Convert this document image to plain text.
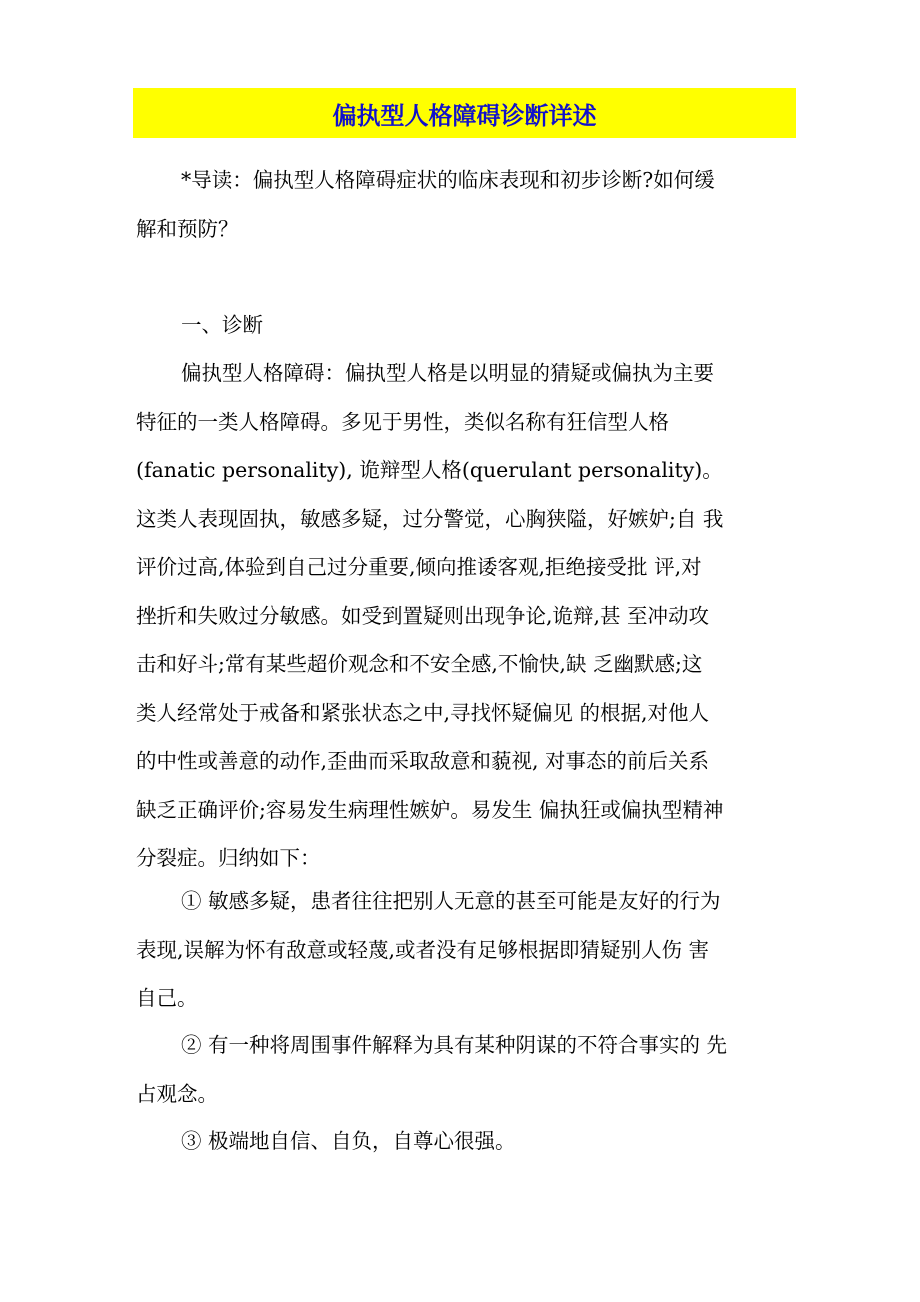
偏执型人格障碍诊断详述
*导读：偏执型人格障碍症状的临床表现和初步诊断?如何缓
解和预防？
一、诊断
偏执型人格障碍：偏执型人格是以明显的猜疑或偏执为主要
特征的一类人格障碍。多见于男性，类似名称有狂信型人格
(fanatic personality), 诡辩型人格(querulant personality)。
这类人表现固执，敏感多疑，过分警觉，心胸狭隘，好嫉妒;自 我
评价过高,体验到自己过分重要,倾向推诿客观,拒绝接受批 评,对
挫折和失败过分敏感。如受到置疑则出现争论,诡辩,甚 至冲动攻
击和好斗;常有某些超价观念和不安全感,不愉快,缺 乏幽默感;这
类人经常处于戒备和紧张状态之中,寻找怀疑偏见 的根据,对他人
的中性或善意的动作,歪曲而采取敌意和藐视, 对事态的前后关系
缺乏正确评价;容易发生病理性嫉妒。易发生 偏执狂或偏执型精神
分裂症。归纳如下：
① 敏感多疑，患者往往把别人无意的甚至可能是友好的行为
表现,误解为怀有敌意或轻蔑,或者没有足够根据即猜疑别人伤 害
自己。
② 有一种将周围事件解释为具有某种阴谋的不符合事实的 先
占观念。
③ 极端地自信、自负，自尊心很强。
